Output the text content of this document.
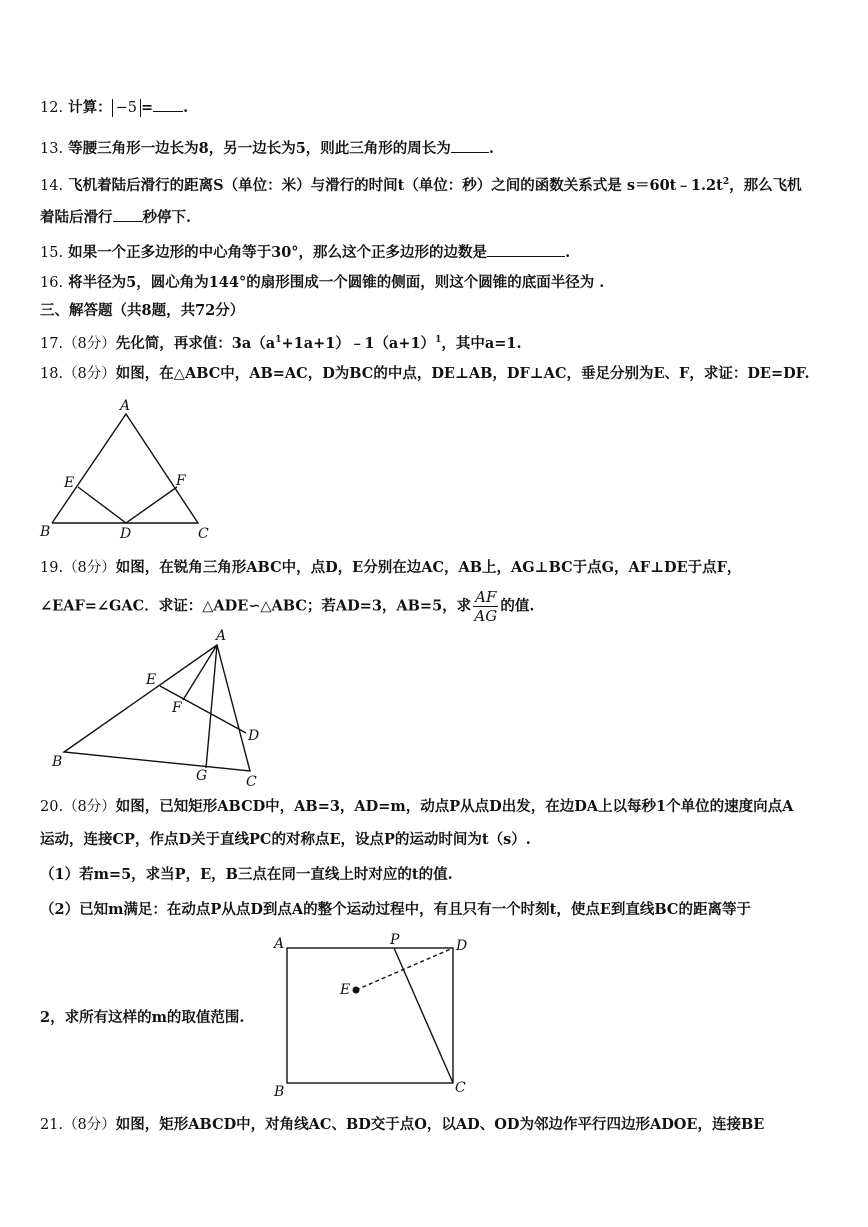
12. 计算： −5 = .
13. 等腰三角形一边长为8，另一边长为5，则此三角形的周长为	.
14. 飞机着陆后滑行的距离S（单位：米）与滑行的时间t（单位：秒）之间的函数关系式是 $s=60t﹣1.2t^2$，那么飞机
着陆后滑行 秒停下.
15. 如果一个正多边形的中心角等于30°，那么这个正多边形的边数是	.
16. 将半径为5，圆心角为144°的扇形围成一个圆锥的侧面，则这个圆锥的底面半径为 .
三、解答题（共8题，共72分）
17.（8分）先化简，再求值：$3a(a^1+1a+1)﹣1(a+1)^1$，其中a=1.
18.（8分）如图，在△ABC中，AB=AC，D为BC的中点，DE⊥AB，DF⊥AC，垂足分别为E、F，求证：DE=DF.
A
B	C
D
E	F
19.（8分）如图，在锐角三角形ABC中，点D，E分别在边AC，AB上，AG⊥BC于点G，AF⊥DE于点F，
∠EAF=∠GAC．求证：△ADE∽△ABC；若AD=3，AB=5，求 $\frac{AF}{AG}$ 的值.
A
B
C
D
E
F
G
20.（8分）如图，已知矩形ABCD中，AB=3，AD=m，动点P从点D出发，在边DA上以每秒1个单位的速度向点A
运动，连接CP，作点D关于直线PC的对称点E，设点P的运动时间为t（s）.
（1）若m=5，求当P，E，B三点在同一直线上时对应的t的值.
（2）已知m满足：在动点P从点D到点A的整个运动过程中，有且只有一个时刻t，使点E到直线BC的距离等于
2，求所有这样的m的取值范围.
A
B	C
D
E
P
21.（8分）如图，矩形ABCD中，对角线AC、BD交于点O，以AD、OD为邻边作平行四边形ADOE，连接BE
